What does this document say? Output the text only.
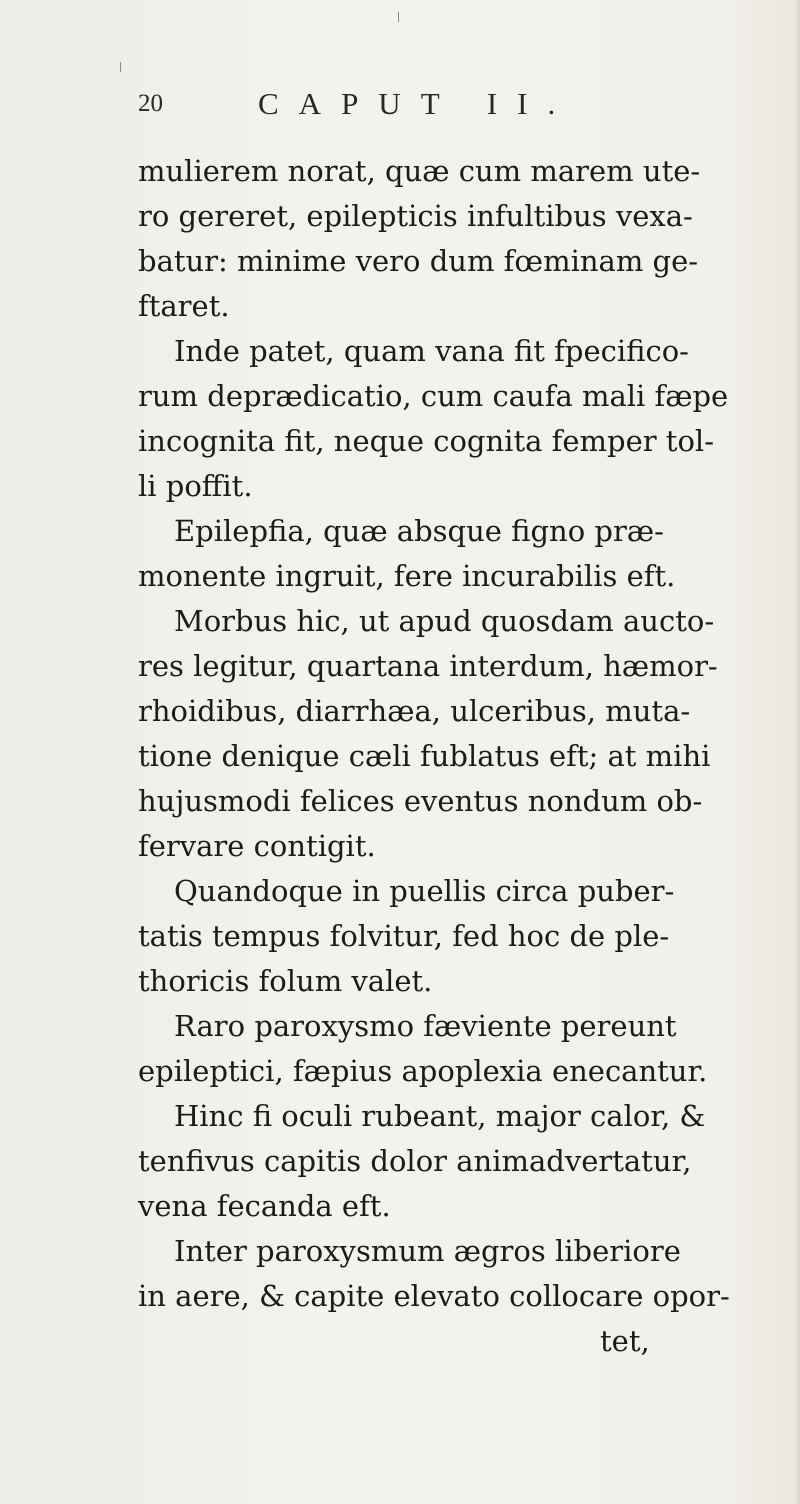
20	CAPUT II.
mulierem norat, quæ cum marem ute-
ro gereret, epilepticis infultibus vexa-
batur: minime vero dum fœminam ge-
ftaret.
Inde patet, quam vana fit fpecifico-
rum deprædicatio, cum caufa mali fæpe
incognita fit, neque cognita femper tol-
li poffit.
Epilepfia, quæ absque figno præ-
monente ingruit, fere incurabilis eft.
Morbus hic, ut apud quosdam aucto-
res legitur, quartana interdum, hæmor-
rhoidibus, diarrhæa, ulceribus, muta-
tione denique cæli fublatus eft; at mihi
hujusmodi felices eventus nondum ob-
fervare contigit.
Quandoque in puellis circa puber-
tatis tempus folvitur, fed hoc de ple-
thoricis folum valet.
Raro paroxysmo fæviente pereunt
epileptici, fæpius apoplexia enecantur.
Hinc fi oculi rubeant, major calor, &
tenfivus capitis dolor animadvertatur,
vena fecanda eft.
Inter paroxysmum ægros liberiore
in aere, & capite elevato collocare opor-
tet,
